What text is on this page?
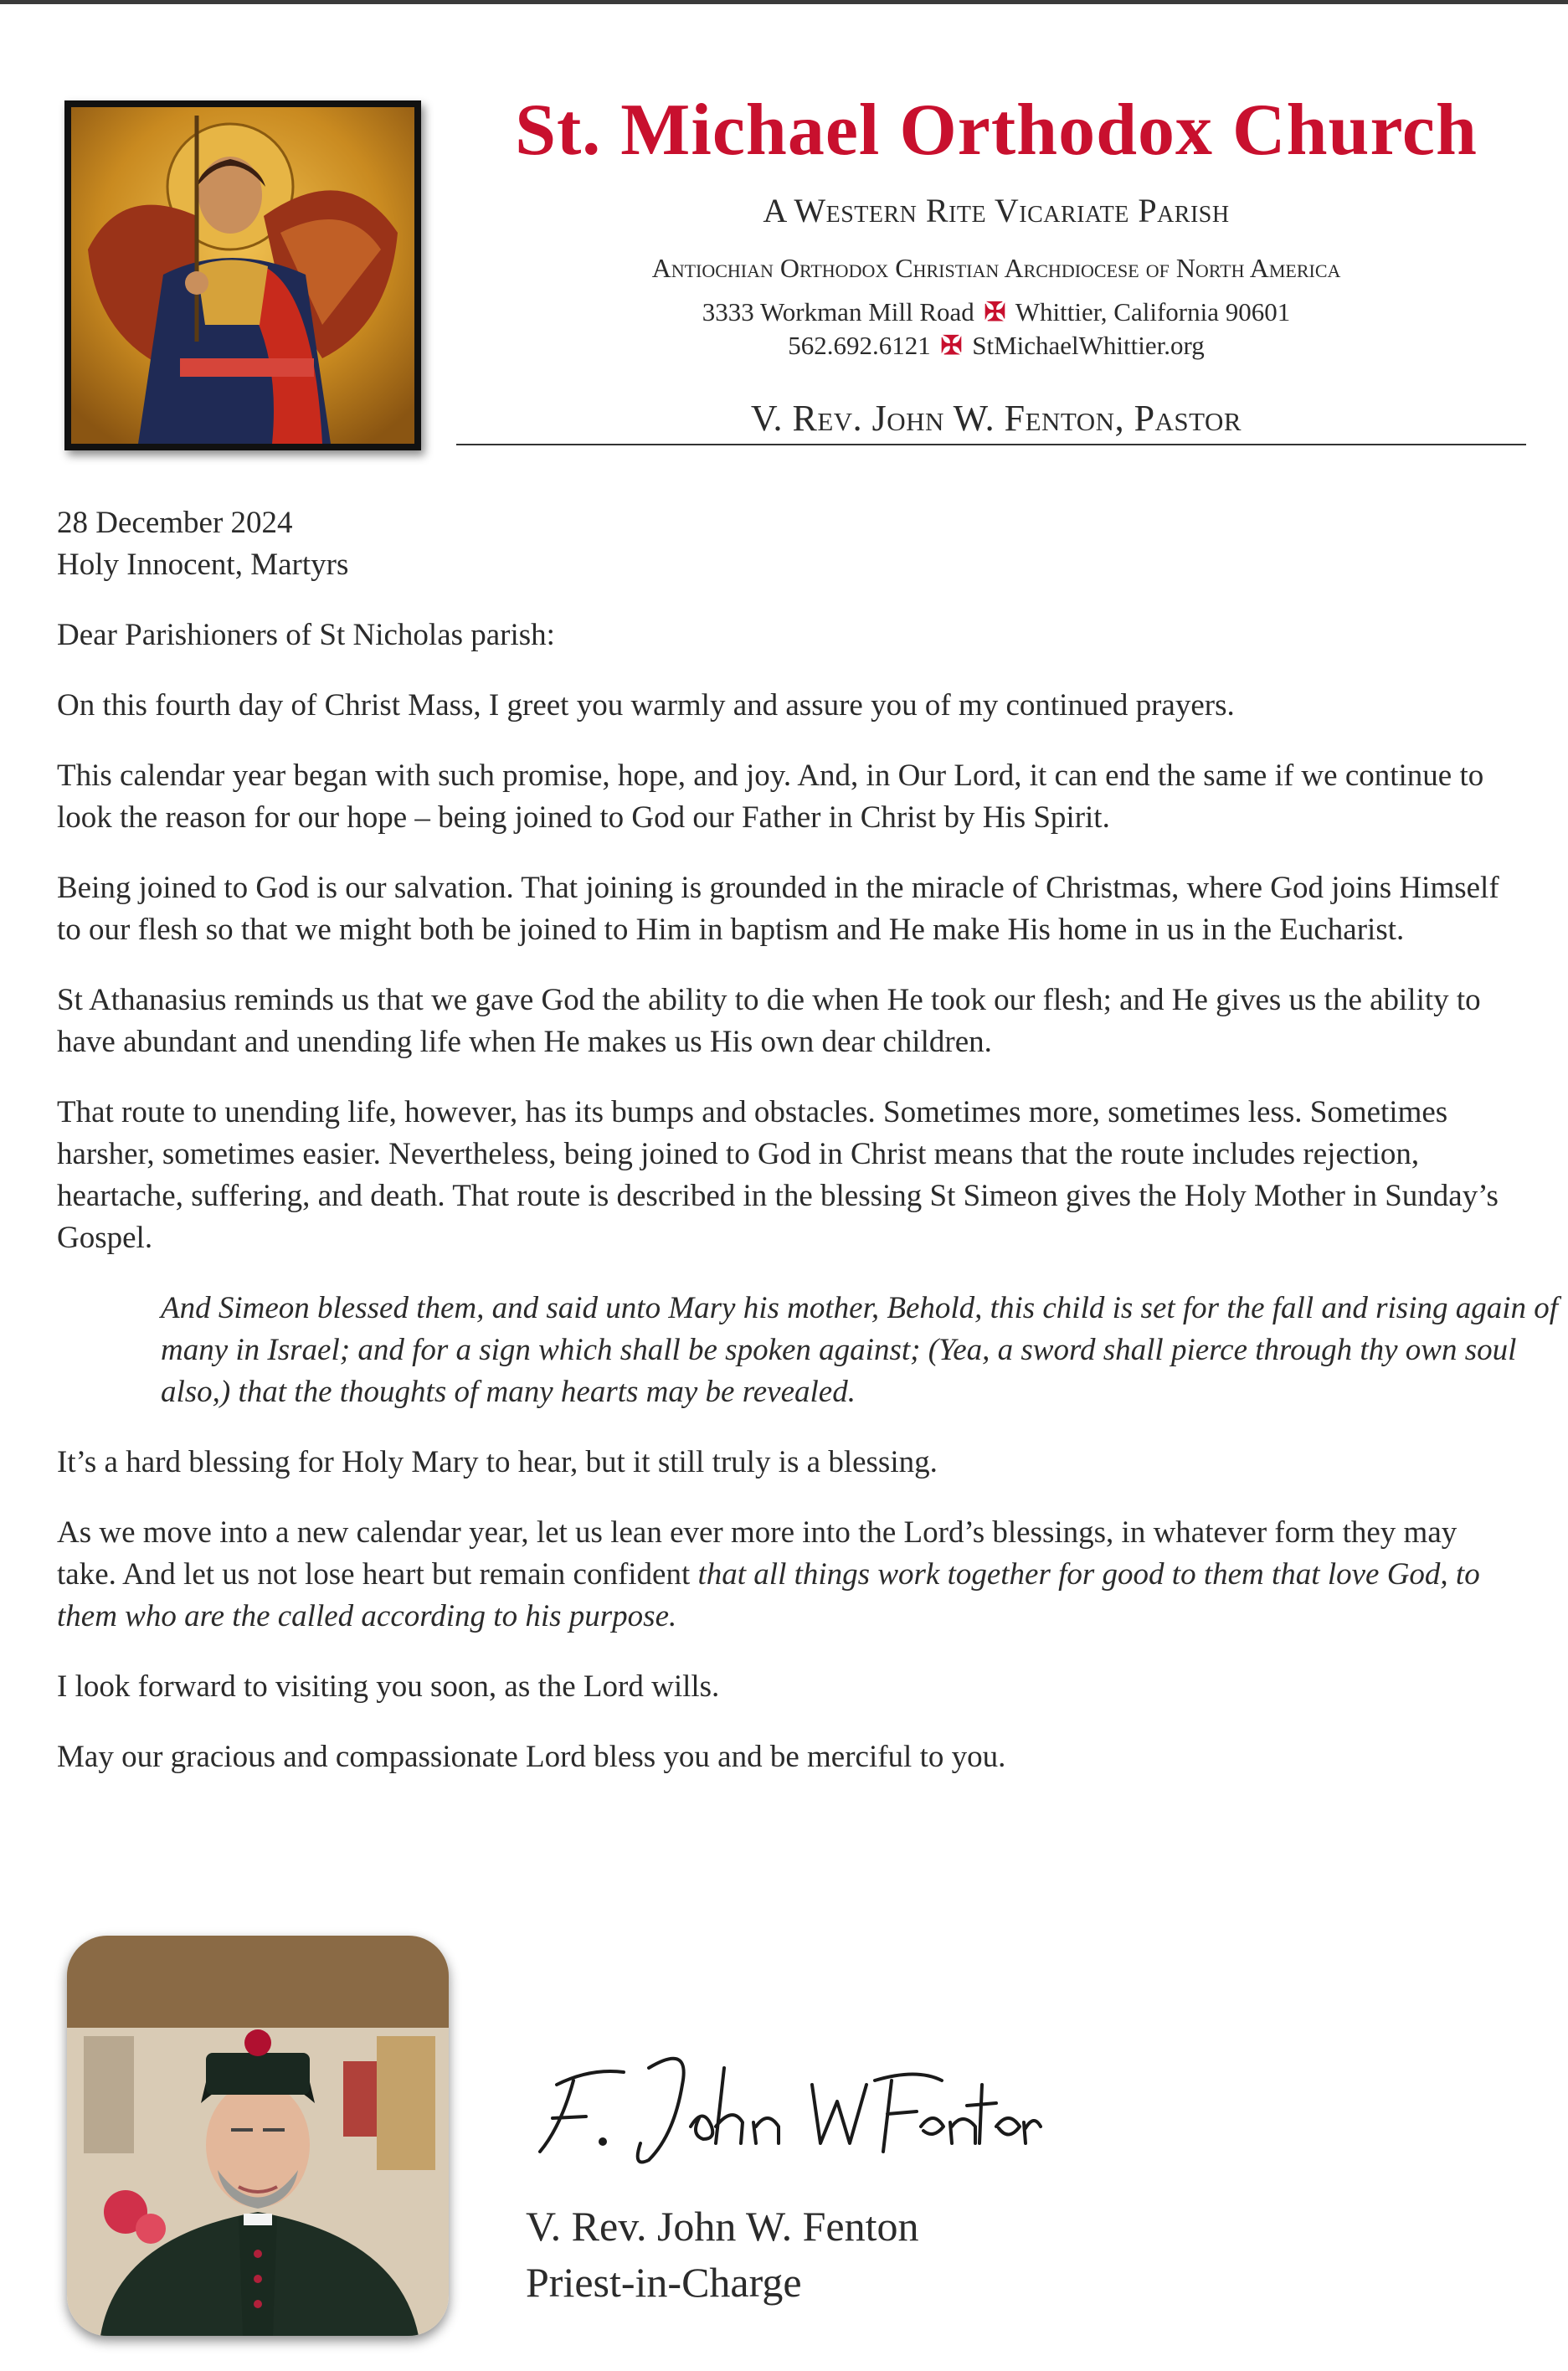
St. Michael Orthodox Church
A Western Rite Vicariate Parish
Antiochian Orthodox Christian Archdiocese of North America
3333 Workman Mill Road ✠ Whittier, California 90601
562.692.6121 ✠ StMichaelWhittier.org
V. Rev. John W. Fenton, Pastor
28 December 2024
Holy Innocent, Martyrs

Dear Parishioners of St Nicholas parish:

On this fourth day of Christ Mass, I greet you warmly and assure you of my continued prayers.

This calendar year began with such promise, hope, and joy. And, in Our Lord, it can end the same if we continue to look the reason for our hope – being joined to God our Father in Christ by His Spirit.

Being joined to God is our salvation. That joining is grounded in the miracle of Christmas, where God joins Himself to our flesh so that we might both be joined to Him in baptism and He make His home in us in the Eucharist.

St Athanasius reminds us that we gave God the ability to die when He took our flesh; and He gives us the ability to have abundant and unending life when He makes us His own dear children.

That route to unending life, however, has its bumps and obstacles. Sometimes more, sometimes less. Sometimes harsher, sometimes easier. Nevertheless, being joined to God in Christ means that the route includes rejection, heartache, suffering, and death. That route is described in the blessing St Simeon gives the Holy Mother in Sunday’s Gospel.

And Simeon blessed them, and said unto Mary his mother, Behold, this child is set for the fall and rising again of many in Israel; and for a sign which shall be spoken against; (Yea, a sword shall pierce through thy own soul also,) that the thoughts of many hearts may be revealed.

It’s a hard blessing for Holy Mary to hear, but it still truly is a blessing.

As we move into a new calendar year, let us lean ever more into the Lord’s blessings, in whatever form they may take. And let us not lose heart but remain confident that all things work together for good to them that love God, to them who are the called according to his purpose.

I look forward to visiting you soon, as the Lord wills.

May our gracious and compassionate Lord bless you and be merciful to you.

V. Rev. John W. Fenton
Priest-in-Charge
